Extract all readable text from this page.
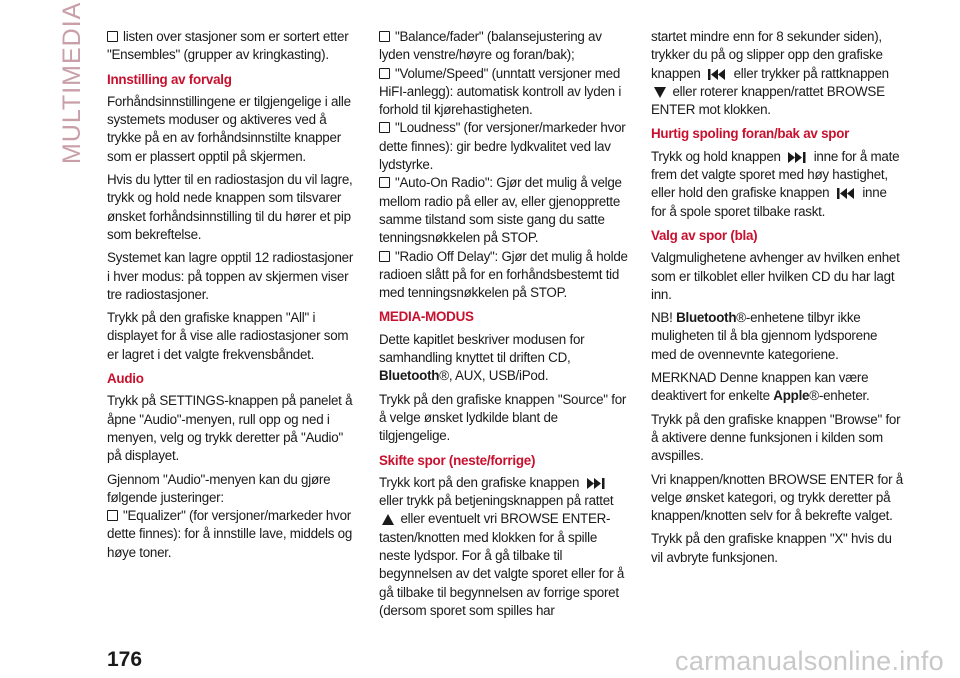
MULTIMEDIA	listen over stasjoner som er sortert etter "Ensembles" (grupper av kringkasting).

Innstilling av forvalg

Forhåndsinnstillingene er tilgjengelige i alle systemets moduser og aktiveres ved å trykke på en av forhåndsinnstilte knapper som er plassert opptil på skjermen.

Hvis du lytter til en radiostasjon du vil lagre, trykk og hold nede knappen som tilsvarer ønsket forhåndsinnstilling til du hører et pip som bekreftelse.

Systemet kan lagre opptil 12 radiostasjoner i hver modus: på toppen av skjermen viser tre radiostasjoner.

Trykk på den grafiske knappen "All" i displayet for å vise alle radiostasjoner som er lagret i det valgte frekvensbåndet.

Audio

Trykk på SETTINGS-knappen på panelet å åpne "Audio"-menyen, rull opp og ned i menyen, velg og trykk deretter på "Audio" på displayet.

Gjennom "Audio"-menyen kan du gjøre følgende justeringer:

"Equalizer" (for versjoner/markeder hvor dette finnes): for å innstille lave, middels og høye toner.

"Balance/fader" (balansejustering av lyden venstre/høyre og foran/bak);

"Volume/Speed" (unntatt versjoner med HiFI-anlegg): automatisk kontroll av lyden i forhold til kjørehastigheten.

"Loudness" (for versjoner/markeder hvor dette finnes): gir bedre lydkvalitet ved lav lydstyrke.

"Auto-On Radio": Gjør det mulig å velge mellom radio på eller av, eller gjenopprette samme tilstand som siste gang du satte tenningsnøkkelen på STOP.

"Radio Off Delay": Gjør det mulig å holde radioen slått på for en forhåndsbestemt tid med tenningsnøkkelen på STOP.

MEDIA-MODUS

Dette kapitlet beskriver modusen for samhandling knyttet til driften CD, Bluetooth®, AUX, USB/iPod.

Trykk på den grafiske knappen "Source" for å velge ønsket lydkilde blant de tilgjengelige.

Skifte spor (neste/forrige)

Trykk kort på den grafiske knappen
eller trykk på betjeningsknappen på rattet
eller eventuelt vri BROWSE ENTER-tasten/knotten med klokken for å spille neste lydspor. For å gå tilbake til begynnelsen av det valgte sporet eller for å gå tilbake til begynnelsen av forrige sporet (dersom sporet som spilles har

startet mindre enn for 8 sekunder siden), trykker du på og slipper opp den grafiske knappen eller trykker på rattknappen
eller roterer knappen/rattet BROWSE ENTER mot klokken.

Hurtig spoling foran/bak av spor

Trykk og hold knappen inne for å mate frem det valgte sporet med høy hastighet, eller hold den grafiske knappen inne for å spole sporet tilbake raskt.

Valg av spor (bla)

Valgmulighetene avhenger av hvilken enhet som er tilkoblet eller hvilken CD du har lagt inn.

NB! Bluetooth®-enhetene tilbyr ikke muligheten til å bla gjennom lydsporene med de ovennevnte kategoriene.

MERKNAD Denne knappen kan være deaktivert for enkelte Apple®-enheter.

Trykk på den grafiske knappen "Browse" for å aktivere denne funksjonen i kilden som avspilles.

Vri knappen/knotten BROWSE ENTER for å velge ønsket kategori, og trykk deretter på knappen/knotten selv for å bekrefte valget.

Trykk på den grafiske knappen "X" hvis du vil avbryte funksjonen.

176	carmanualsonline.info
